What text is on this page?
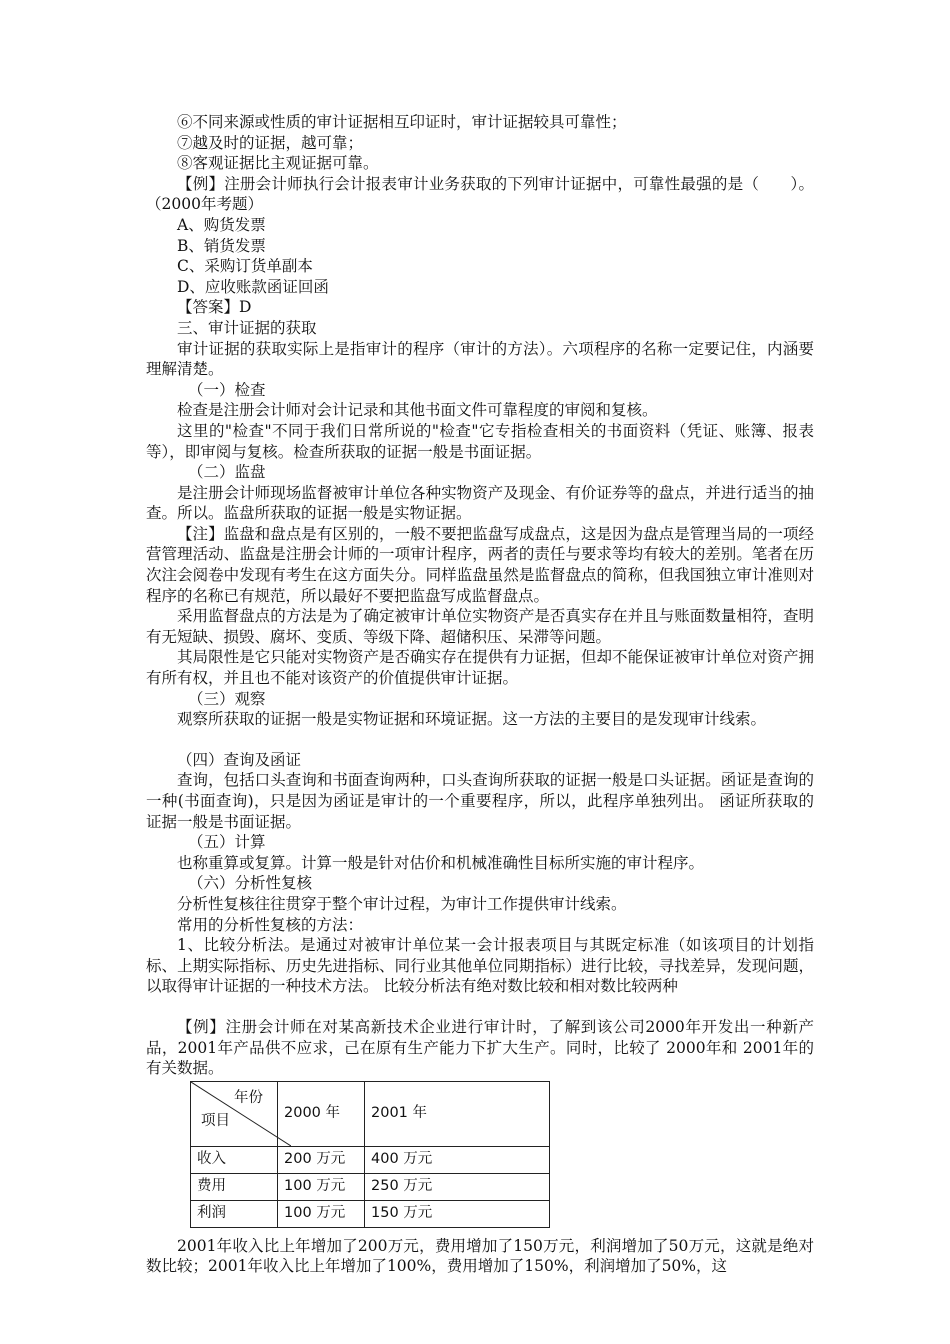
⑥不同来源或性质的审计证据相互印证时，审计证据较具可靠性；

⑦越及时的证据，越可靠；

⑧客观证据比主观证据可靠。

【例】注册会计师执行会计报表审计业务获取的下列审计证据中，可靠性最强的是（　　）。（2000年考题）

A、购货发票

B、销货发票

C、采购订货单副本

D、应收账款函证回函

【答案】D

三、审计证据的获取

审计证据的获取实际上是指审计的程序（审计的方法）。六项程序的名称一定要记住，内涵要理解清楚。

（一）检查

检查是注册会计师对会计记录和其他书面文件可靠程度的审阅和复核。

这里的"检查"不同于我们日常所说的"检查"它专指检查相关的书面资料（凭证、账簿、报表等），即审阅与复核。检查所获取的证据一般是书面证据。

（二）监盘

是注册会计师现场监督被审计单位各种实物资产及现金、有价证券等的盘点，并进行适当的抽查。所以。监盘所获取的证据一般是实物证据。

【注】监盘和盘点是有区别的，一般不要把监盘写成盘点，这是因为盘点是管理当局的一项经营管理活动、监盘是注册会计师的一项审计程序，两者的责任与要求等均有较大的差别。笔者在历次注会阅卷中发现有考生在这方面失分。同样监盘虽然是监督盘点的简称，但我国独立审计准则对程序的名称已有规范，所以最好不要把监盘写成监督盘点。

采用监督盘点的方法是为了确定被审计单位实物资产是否真实存在并且与账面数量相符，查明有无短缺、损毁、腐坏、变质、等级下降、超储积压、呆滞等问题。

其局限性是它只能对实物资产是否确实存在提供有力证据，但却不能保证被审计单位对资产拥有所有权，并且也不能对该资产的价值提供审计证据。

（三）观察

观察所获取的证据一般是实物证据和环境证据。这一方法的主要目的是发现审计线索。

（四）查询及函证

查询，包括口头查询和书面查询两种，口头查询所获取的证据一般是口头证据。函证是查询的一种(书面查询)，只是因为函证是审计的一个重要程序，所以，此程序单独列出。 函证所获取的证据一般是书面证据。

（五）计算

也称重算或复算。计算一般是针对估价和机械准确性目标所实施的审计程序。

（六）分析性复核

分析性复核往往贯穿于整个审计过程，为审计工作提供审计线索。

常用的分析性复核的方法：

1、比较分析法。是通过对被审计单位某一会计报表项目与其既定标准（如该项目的计划指标、上期实际指标、历史先进指标、同行业其他单位同期指标）进行比较，寻找差异，发现问题，以取得审计证据的一种技术方法。 比较分析法有绝对数比较和相对数比较两种

【例】注册会计师在对某高新技术企业进行审计时，了解到该公司2000年开发出一种新产品，2001年产品供不应求，己在原有生产能力下扩大生产。同时，比较了 2000年和 2001年的有关数据。

年份
项目	2000 年	2001 年
收入	200 万元	400 万元
费用	100 万元	250 万元
利润	100 万元	150 万元

2001年收入比上年增加了200万元，费用增加了150万元，利润增加了50万元，这就是绝对数比较；2001年收入比上年增加了100%，费用增加了150%，利润增加了50%，这
